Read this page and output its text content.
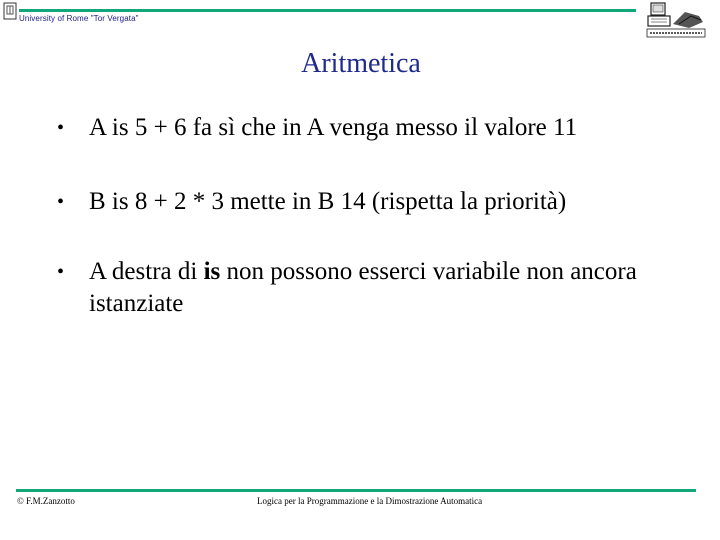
University of Rome "Tor Vergata"
Aritmetica
• A is 5 + 6 fa sì che in A venga messo il valore 11
• B is 8 + 2 * 3 mette in B 14 (rispetta la priorità)
• A destra di is non possono esserci variabile non ancora istanziate
© F.M.Zanzotto	Logica per la Programmazione e la Dimostrazione Automatica
